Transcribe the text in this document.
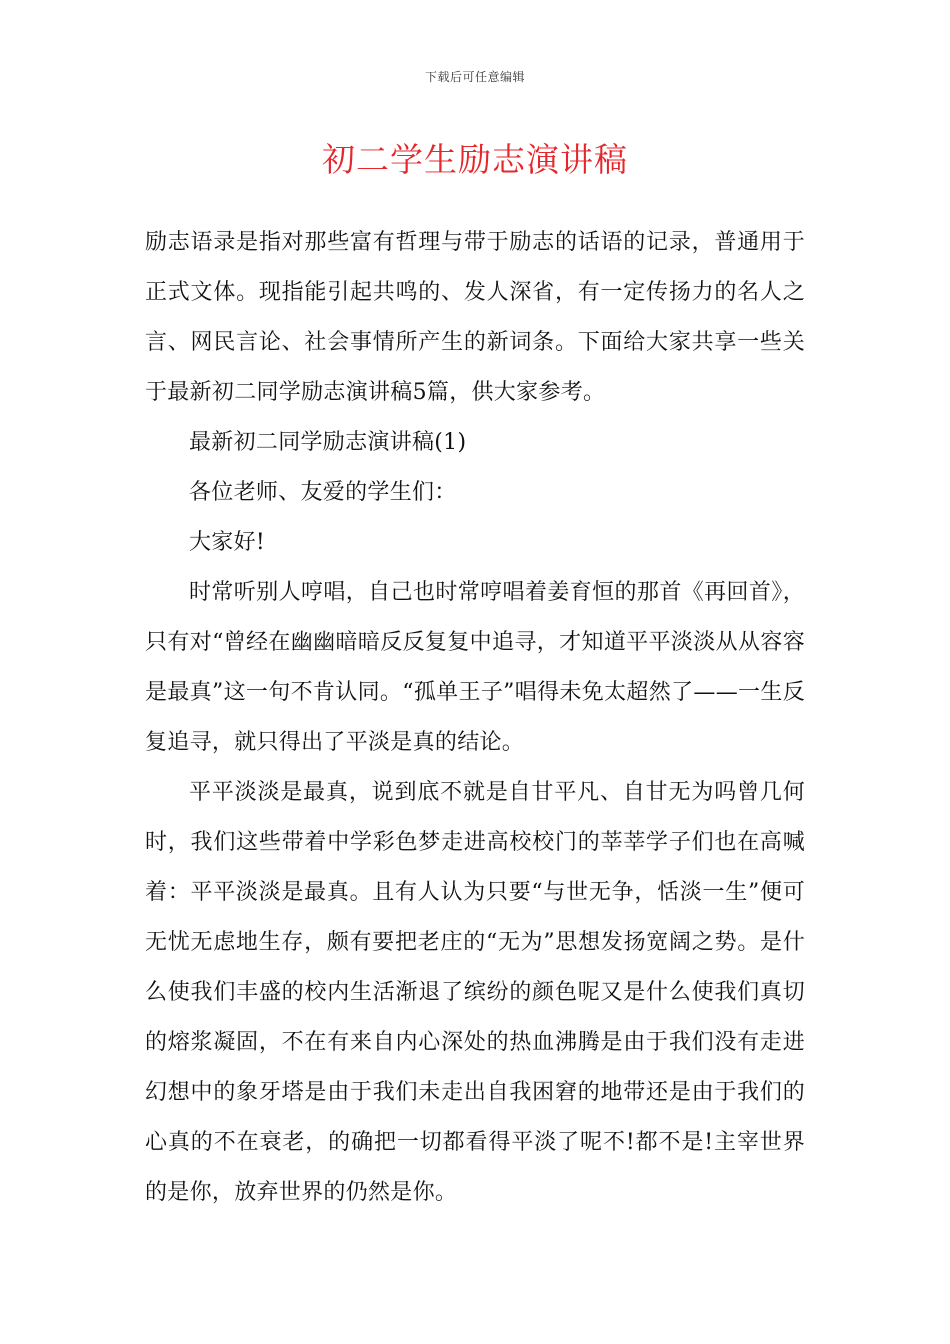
下载后可任意编辑
初二学生励志演讲稿

励志语录是指对那些富有哲理与带于励志的话语的记录，普通用于正式文体。现指能引起共鸣的、发人深省，有一定传扬力的名人之言、网民言论、社会事情所产生的新词条。下面给大家共享一些关于最新初二同学励志演讲稿5篇，供大家参考。

最新初二同学励志演讲稿(1)

各位老师、友爱的学生们：

大家好!

时常听别人哼唱，自己也时常哼唱着姜育恒的那首《再回首》，只有对“曾经在幽幽暗暗反反复复中追寻，才知道平平淡淡从从容容是最真”这一句不肯认同。“孤单王子”唱得未免太超然了——一生反复追寻，就只得出了平淡是真的结论。

平平淡淡是最真，说到底不就是自甘平凡、自甘无为吗曾几何时，我们这些带着中学彩色梦走进高校校门的莘莘学子们也在高喊着：平平淡淡是最真。且有人认为只要“与世无争，恬淡一生”便可无忧无虑地生存，颇有要把老庄的“无为”思想发扬宽阔之势。是什么使我们丰盛的校内生活渐退了缤纷的颜色呢又是什么使我们真切的熔浆凝固，不在有来自内心深处的热血沸腾是由于我们没有走进幻想中的象牙塔是由于我们未走出自我困窘的地带还是由于我们的心真的不在衰老，的确把一切都看得平淡了呢不!都不是!主宰世界的是你，放弃世界的仍然是你。
